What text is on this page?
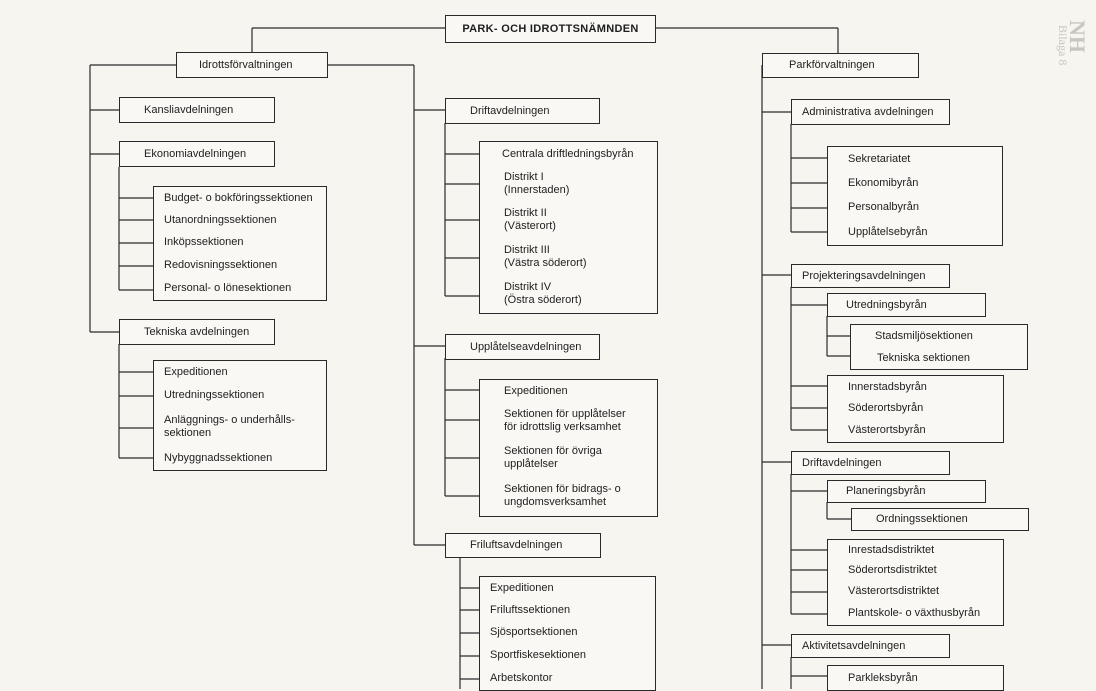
NH
Bilaga 8
PARK- OCH IDROTTSNÄMNDEN
Idrottsförvaltningen
Kansliavdelningen
Ekonomiavdelningen
Budget- o bokföringssektionen
Utanordningssektionen
Inköpssektionen
Redovisningssektionen
Personal- o lönesektionen
Tekniska avdelningen
Expeditionen
Utredningssektionen
Anläggnings- o underhålls-
sektionen
Nybyggnadssektionen
Driftavdelningen
Centrala driftledningsbyrån
Distrikt I
(Innerstaden)
Distrikt II
(Västerort)
Distrikt III
(Västra söderort)
Distrikt IV
(Östra söderort)
Upplåtelseavdelningen
Expeditionen
Sektionen för upplåtelser
för idrottslig verksamhet
Sektionen för övriga
upplåtelser
Sektionen för bidrags- o
ungdomsverksamhet
Friluftsavdelningen
Expeditionen
Friluftssektionen
Sjösportsektionen
Sportfiskesektionen
Arbetskontor
Parkförvaltningen
Administrativa avdelningen
Sekretariatet
Ekonomibyrån
Personalbyrån
Upplåtelsebyrån
Projekteringsavdelningen
Utredningsbyrån
Stadsmiljösektionen
Tekniska sektionen
Innerstadsbyrån
Söderortsbyrån
Västerortsbyrån
Driftavdelningen
Planeringsbyrån
Ordningssektionen
Inrestadsdistriktet
Söderortsdistriktet
Västerortsdistriktet
Plantskole- o växthusbyrån
Aktivitetsavdelningen
Parkleksbyrån
